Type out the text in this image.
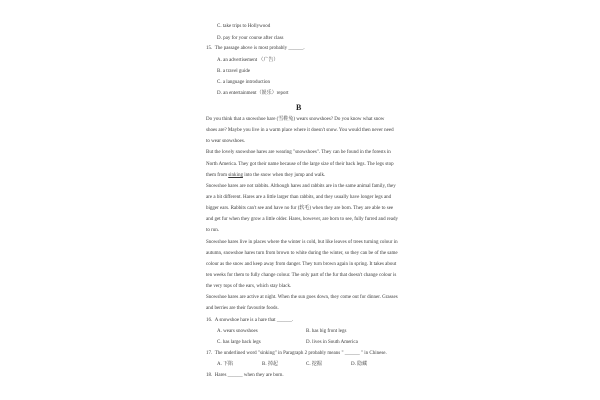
C. take trips to Hollywood
D. pay for your course after class
15.  The passage above is most probably ______.
A. an advertisement （广告）
B. a travel guide
C. a language introduction
D. an entertainment（娱乐）report
B
Do you think that a snowshoe hare (雪鞋兔) wears snowshoes? Do you know what snow
shoes are? Maybe you live in a warm place where it doesn't snow. You would then never need
to wear snowshoes.
But the lovely snowshoe hares are wearing "snowshoes". They can be found in the forests in
North America. They got their name because of the large size of their back legs. The legs stop
them from sinking into the snow when they jump and walk.
Snowshoe hares are not rabbits. Although hares and rabbits are in the same animal family, they
are a bit different. Hares are a little larger than rabbits, and they usually have longer legs and
bigger ears. Rabbits can't see and have no fur (软毛) when they are born. They are able to see
and get fur when they grow a little older. Hares, however, are born to see, fully furred and ready
to run.
Snowshoe hares live in places where the winter is cold, but like leaves of trees turning colour in
autumn, snowshoe hares turn from brown to white during the winter, so they can be of the same
colour as the snow and keep away from danger. They turn brown again in spring. It takes about
ten weeks for them to fully change colour. The only part of the fur that doesn't change colour is
the very tops of the ears, which stay black.
Snowshoe hares are active at night. When the sun goes down, they come out for dinner. Grasses
and berries are their favourite foods.
16.  A snowshoe hare is a hare that ______.
A. wears snowshoes	B. has big front legs
C. has large back legs	D. lives in South America
17.  The underlined word "sinking" in Paragraph 2 probably means " ______ " in Chinese.
A. 下陷	B. 掉起	C. 挖掘	D. 隐藏
18.  Hares ______ when they are born.
